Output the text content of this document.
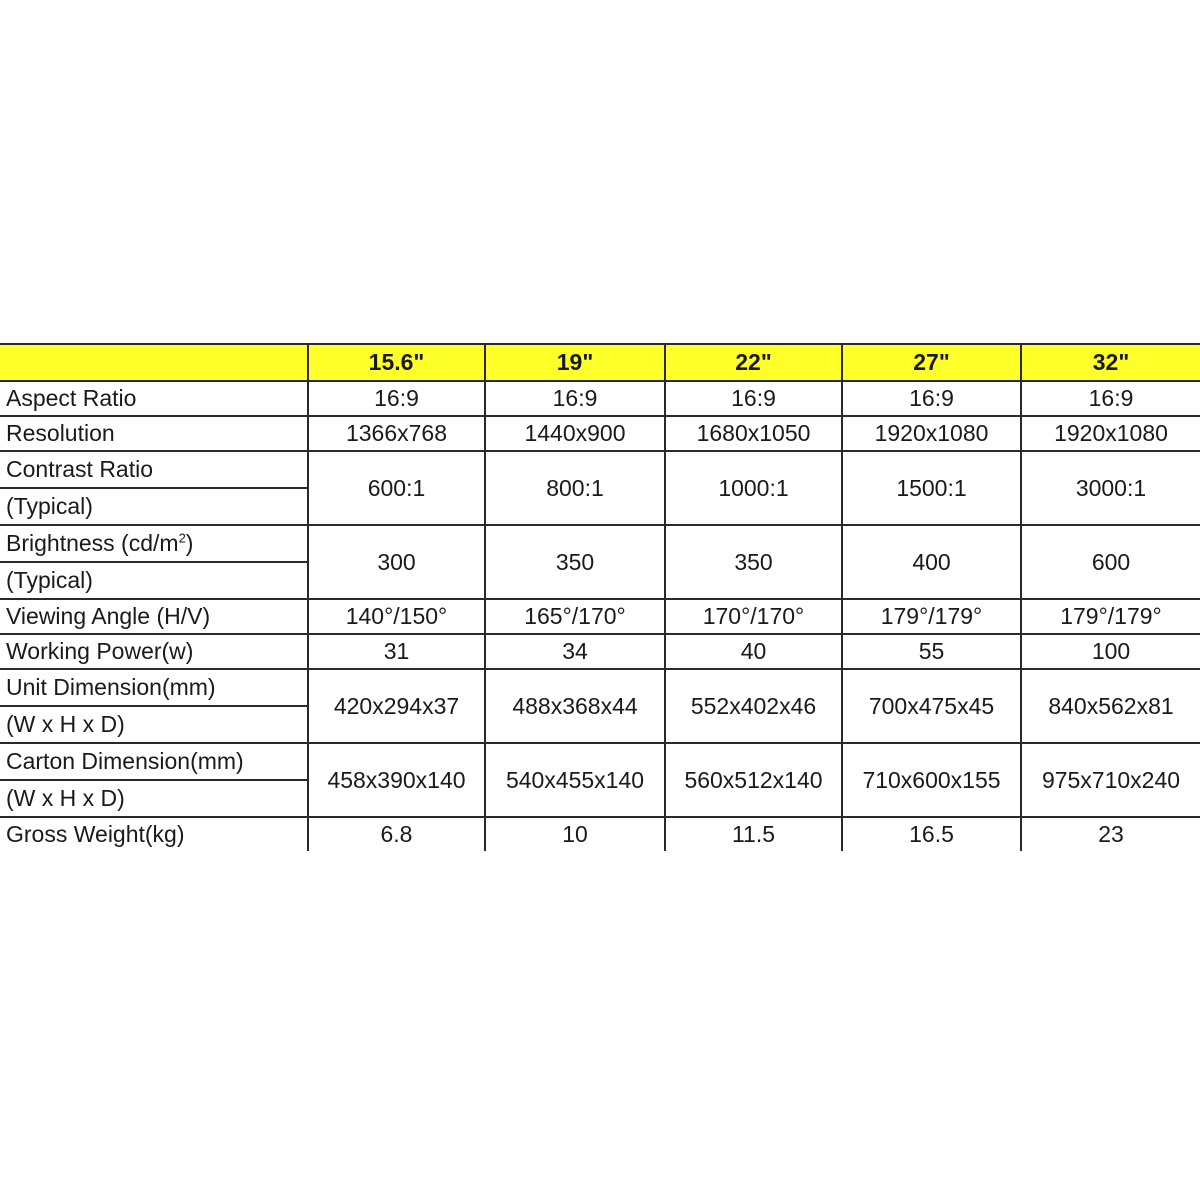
	15.6"	19"	22"	27"	32"
Aspect Ratio	16:9	16:9	16:9	16:9	16:9
Resolution	1366x768	1440x900	1680x1050	1920x1080	1920x1080

Contrast Ratio
(Typical)	600:1	800:1	1000:1	1500:1	3000:1

Brightness $(cd/m^2)$
(Typical)	300	350	350	400	600
Viewing Angle (H/V)	140°/150°	165°/170°	170°/170°	179°/179°	179°/179°
Working Power(w)	31	34	40	55	100

Unit Dimension(mm)
(W x H x D)	420x294x37	488x368x44	552x402x46	700x475x45	840x562x81

Carton Dimension(mm)
(W x H x D)	458x390x140	540x455x140	560x512x140	710x600x155	975x710x240
Gross Weight(kg)	6.8	10	11.5	16.5	23
